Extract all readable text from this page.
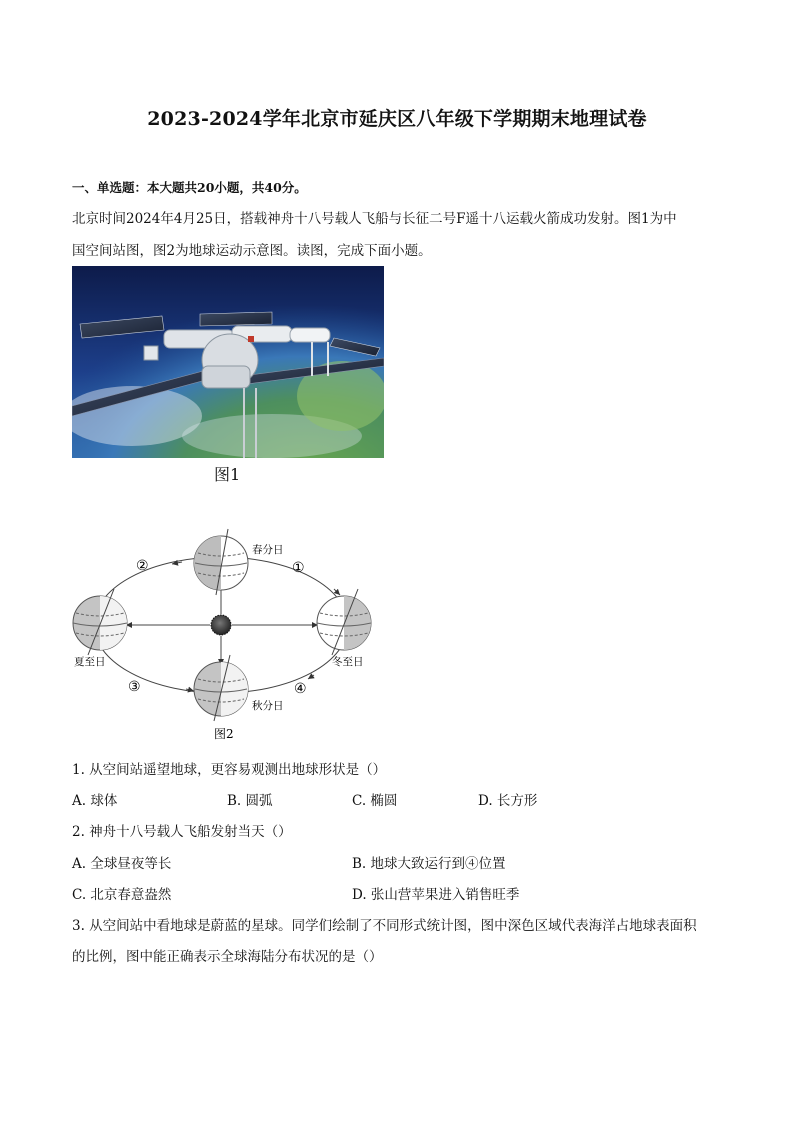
2023-2024学年北京市延庆区八年级下学期期末地理试卷
一、单选题：本大题共20小题，共40分。
北京时间2024年4月25日，搭载神舟十八号载人飞船与长征二号F遥十八运载火箭成功发射。图1为中
国空间站图，图2为地球运动示意图。读图，完成下面小题。
图1
春分日
夏至日	冬至日
秋分日
①
②
③	④
图2
1. 从空间站遥望地球，更容易观测出地球形状是（）
A. 球体	B. 圆弧	C. 椭圆	D. 长方形
2. 神舟十八号载人飞船发射当天（）
A. 全球昼夜等长	B. 地球大致运行到④位置
C. 北京春意盎然	D. 张山营苹果进入销售旺季
3. 从空间站中看地球是蔚蓝的星球。同学们绘制了不同形式统计图，图中深色区域代表海洋占地球表面积
的比例，图中能正确表示全球海陆分布状况的是（）
